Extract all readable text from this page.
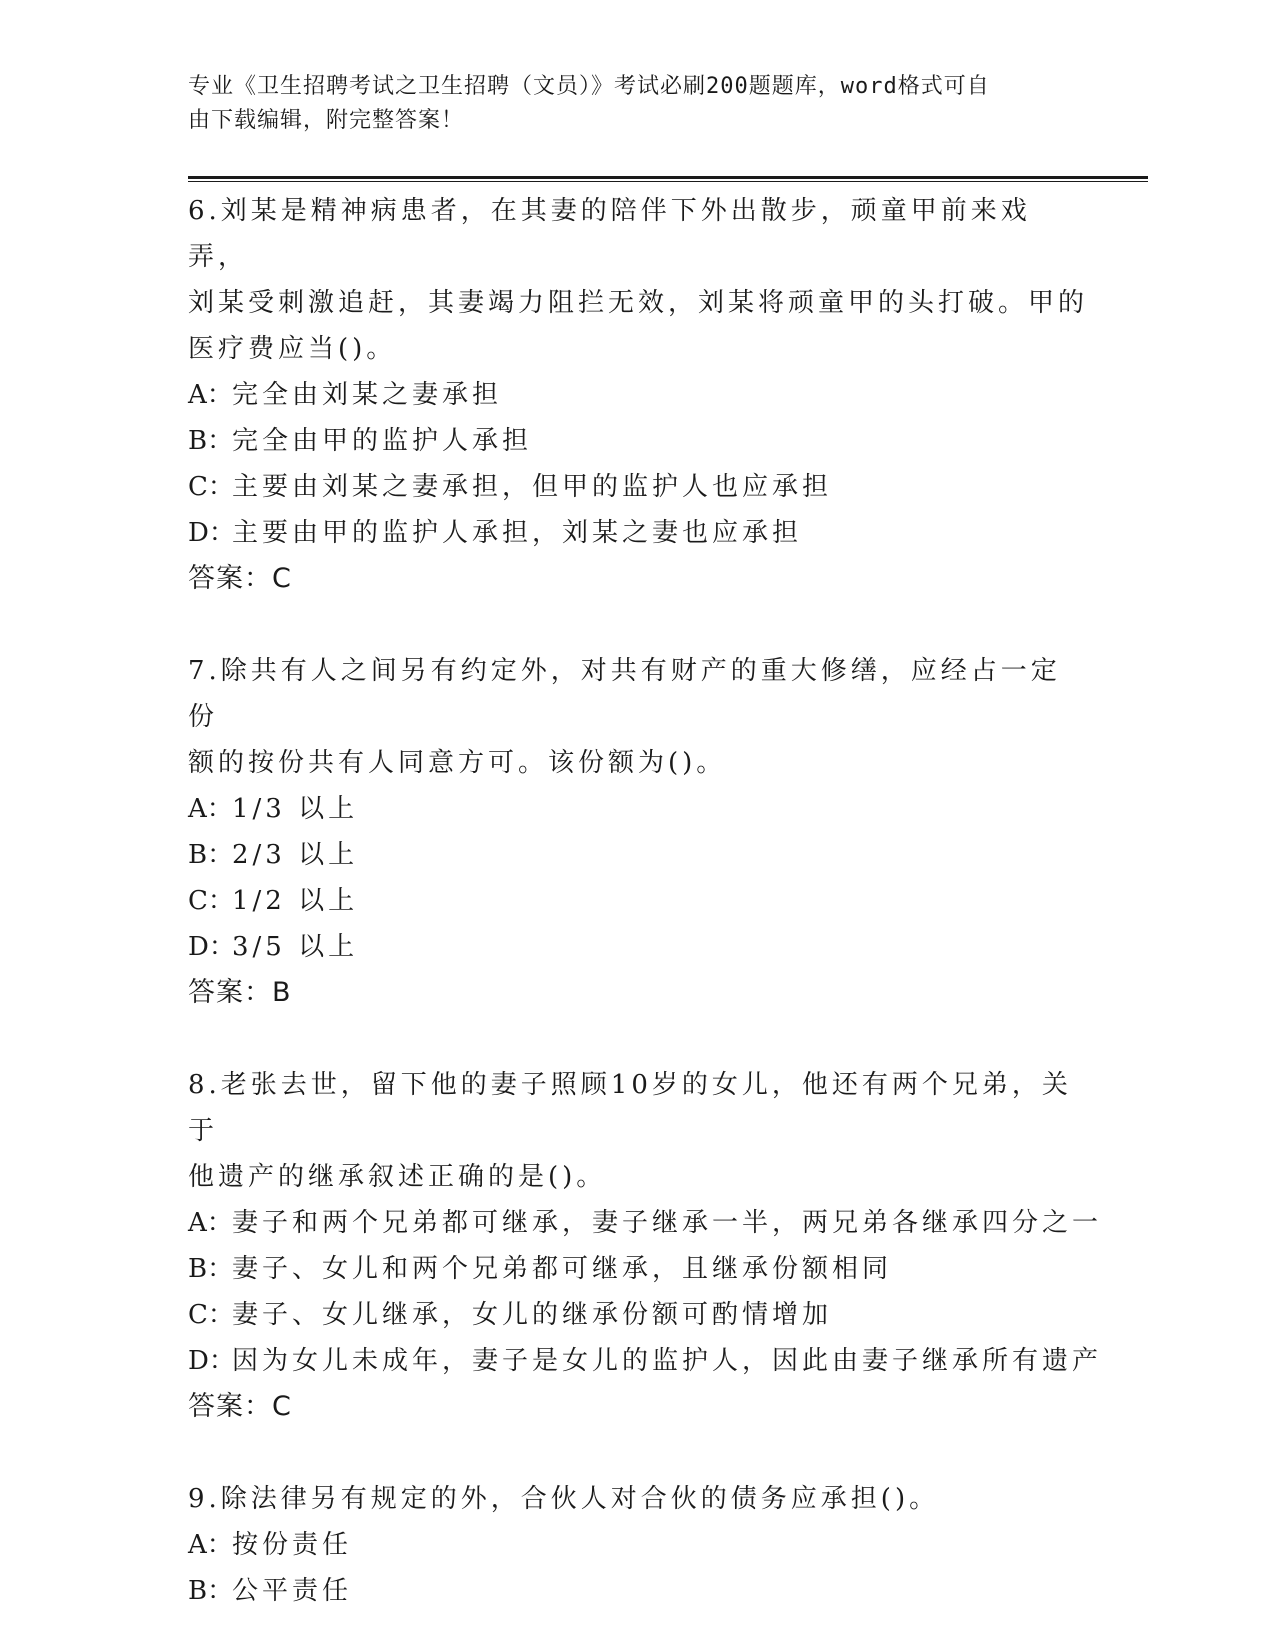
专业《卫生招聘考试之卫生招聘（文员）》考试必刷200题题库，word格式可自
由下载编辑，附完整答案！
6.刘某是精神病患者，在其妻的陪伴下外出散步，顽童甲前来戏弄，
刘某受刺激追赶，其妻竭力阻拦无效，刘某将顽童甲的头打破。甲的
医疗费应当()。
A：完全由刘某之妻承担
B：完全由甲的监护人承担
C：主要由刘某之妻承担，但甲的监护人也应承担
D：主要由甲的监护人承担，刘某之妻也应承担
答案：C
7.除共有人之间另有约定外，对共有财产的重大修缮，应经占一定份
额的按份共有人同意方可。该份额为()。
A：1/3 以上
B：2/3 以上
C：1/2 以上
D：3/5 以上
答案：B
8.老张去世，留下他的妻子照顾10岁的女儿，他还有两个兄弟，关于
他遗产的继承叙述正确的是()。
A：妻子和两个兄弟都可继承，妻子继承一半，两兄弟各继承四分之一
B：妻子、女儿和两个兄弟都可继承，且继承份额相同
C：妻子、女儿继承，女儿的继承份额可酌情增加
D：因为女儿未成年，妻子是女儿的监护人，因此由妻子继承所有遗产
答案：C
9.除法律另有规定的外，合伙人对合伙的债务应承担()。
A：按份责任
B：公平责任
